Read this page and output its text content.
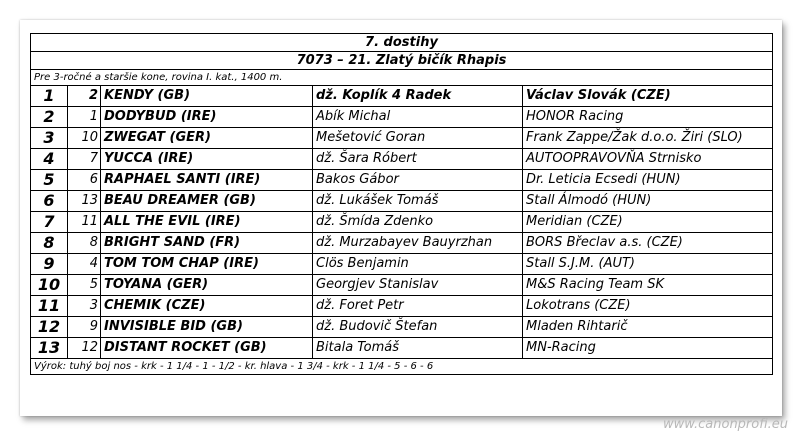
7. dostihy
7073 – 21. Zlatý bičík Rhapis
Pre 3-ročné a staršie kone, rovina I. kat., 1400 m.
1	2	KENDY (GB)	dž. Koplík 4 Radek	Václav Slovák (CZE)
2	1	DODYBUD (IRE)	Abík Michal	HONOR Racing
3	10	ZWEGAT (GER)	Mešetović Goran	Frank Zappe/Žak d.o.o. Žiri (SLO)
4	7	YUCCA (IRE)	dž. Šara Róbert	AUTOOPRAVOVŇA Strnisko
5	6	RAPHAEL SANTI (IRE)	Bakos Gábor	Dr. Leticia Ecsedi (HUN)
6	13	BEAU DREAMER (GB)	dž. Lukášek Tomáš	Stall Álmodó (HUN)
7	11	ALL THE EVIL (IRE)	dž. Šmída Zdenko	Meridian (CZE)
8	8	BRIGHT SAND (FR)	dž. Murzabayev Bauyrzhan	BORS Břeclav a.s. (CZE)
9	4	TOM TOM CHAP (IRE)	Clös Benjamin	Stall S.J.M. (AUT)
10	5	TOYANA (GER)	Georgjev Stanislav	M&S Racing Team SK
11	3	CHEMIK (CZE)	dž. Foret Petr	Lokotrans (CZE)
12	9	INVISIBLE BID (GB)	dž. Budovič Štefan	Mladen Rihtarič
13	12	DISTANT ROCKET (GB)	Bitala Tomáš	MN-Racing
Výrok: tuhý boj nos - krk - 1 1/4 - 1 - 1/2 - kr. hlava - 1 3/4 - krk - 1 1/4 - 5 - 6 - 6
www.canonprofi.eu
